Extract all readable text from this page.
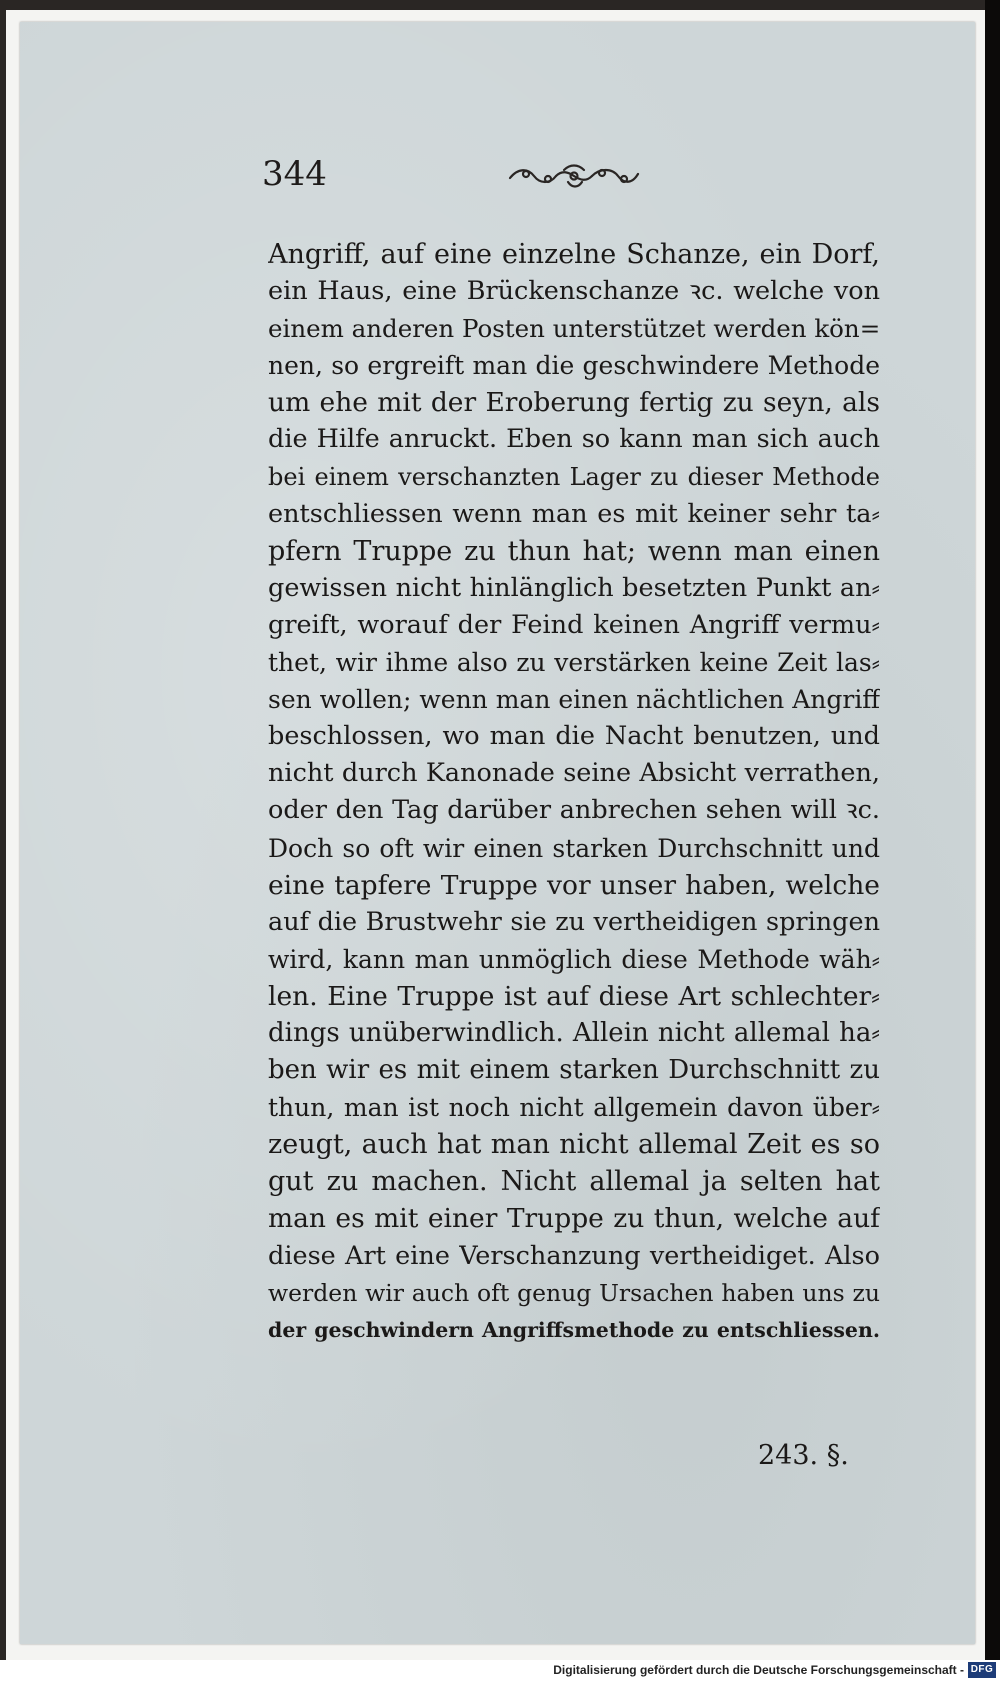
344
Angriff, auf eine einzelne Schanze, ein Dorf,
ein Haus, eine Brückenschanze ꝛc. welche von
einem anderen Posten unterstützet werden kön=
nen, so ergreift man die geschwindere Methode
um ehe mit der Eroberung fertig zu seyn, als
die Hilfe anruckt. Eben so kann man sich auch
bei einem verschanzten Lager zu dieser Methode
entschliessen wenn man es mit keiner sehr ta⸗
pfern Truppe zu thun hat; wenn man einen
gewissen nicht hinlänglich besetzten Punkt an⸗
greift, worauf der Feind keinen Angriff vermu⸗
thet, wir ihme also zu verstärken keine Zeit las⸗
sen wollen; wenn man einen nächtlichen Angriff
beschlossen, wo man die Nacht benutzen, und
nicht durch Kanonade seine Absicht verrathen,
oder den Tag darüber anbrechen sehen will ꝛc.
Doch so oft wir einen starken Durchschnitt und
eine tapfere Truppe vor unser haben, welche
auf die Brustwehr sie zu vertheidigen springen
wird, kann man unmöglich diese Methode wäh⸗
len. Eine Truppe ist auf diese Art schlechter⸗
dings unüberwindlich. Allein nicht allemal ha⸗
ben wir es mit einem starken Durchschnitt zu
thun, man ist noch nicht allgemein davon über⸗
zeugt, auch hat man nicht allemal Zeit es so
gut zu machen. Nicht allemal ja selten hat
man es mit einer Truppe zu thun, welche auf
diese Art eine Verschanzung vertheidiget. Also
werden wir auch oft genug Ursachen haben uns zu
der geschwindern Angriffsmethode zu entschliessen.
243. §.
Digitalisierung gefördert durch die Deutsche Forschungsgemeinschaft - DFG
